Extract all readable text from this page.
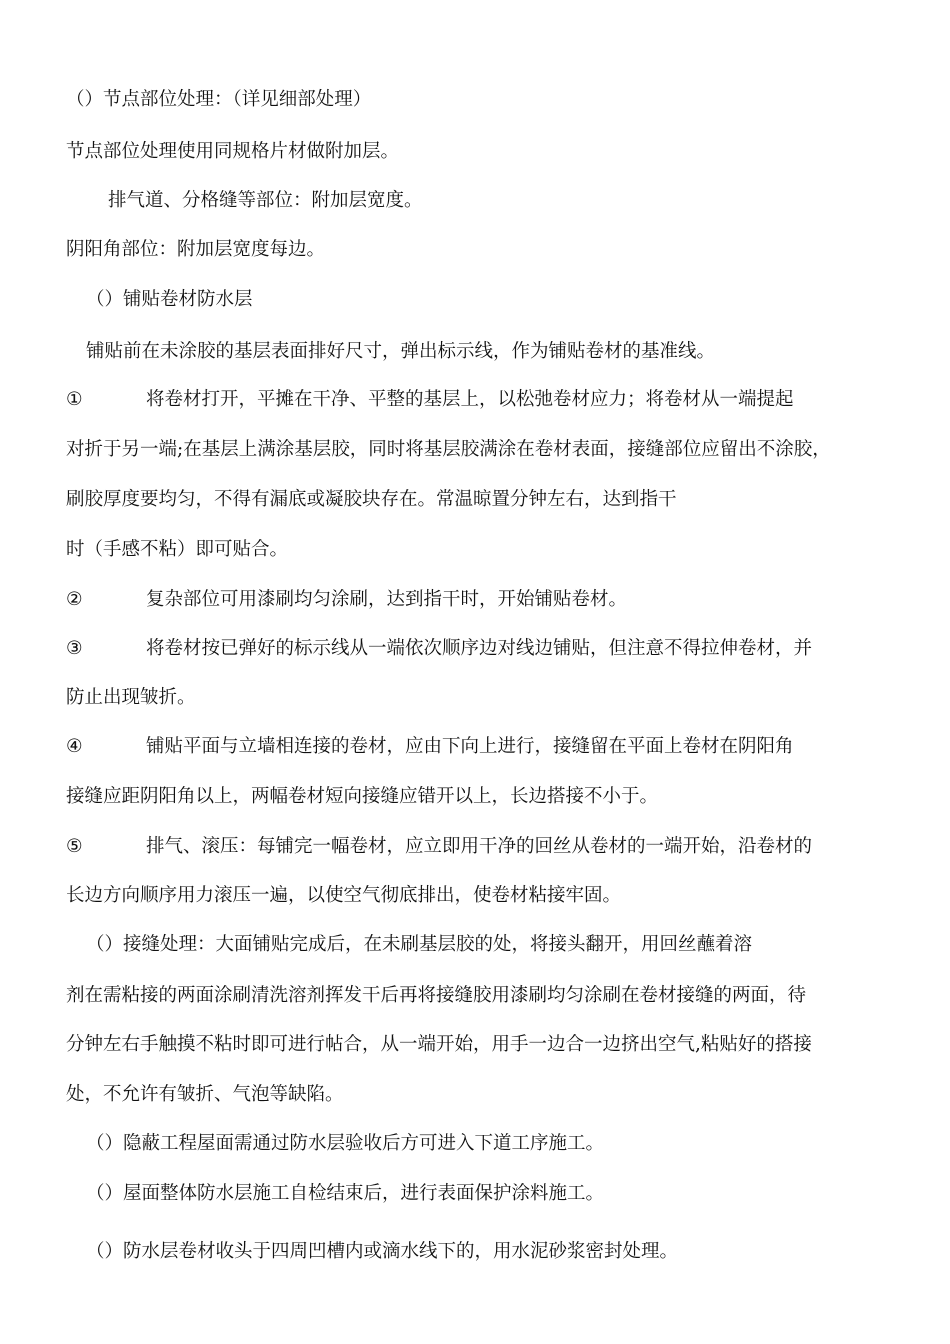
（）节点部位处理：（详见细部处理）
节点部位处理使用同规格片材做附加层。
排气道、分格缝等部位：附加层宽度。
阴阳角部位：附加层宽度每边。
（）铺贴卷材防水层
铺贴前在未涂胶的基层表面排好尺寸，弹出标示线，作为铺贴卷材的基准线。
①	将卷材打开，平摊在干净、平整的基层上，以松弛卷材应力；将卷材从一端提起
对折于另一端;在基层上满涂基层胶，同时将基层胶满涂在卷材表面，接缝部位应留出不涂胶，
刷胶厚度要均匀，不得有漏底或凝胶块存在。常温晾置分钟左右，达到指干
时（手感不粘）即可贴合。
②	复杂部位可用漆刷均匀涂刷，达到指干时，开始铺贴卷材。
③	将卷材按已弹好的标示线从一端依次顺序边对线边铺贴，但注意不得拉伸卷材，并
防止出现皱折。
④	铺贴平面与立墙相连接的卷材，应由下向上进行，接缝留在平面上卷材在阴阳角
接缝应距阴阳角以上，两幅卷材短向接缝应错开以上，长边搭接不小于。
⑤	排气、滚压：每铺完一幅卷材，应立即用干净的回丝从卷材的一端开始，沿卷材的
长边方向顺序用力滚压一遍，以使空气彻底排出，使卷材粘接牢固。
（）接缝处理：大面铺贴完成后，在未刷基层胶的处，将接头翻开，用回丝蘸着溶
剂在需粘接的两面涂刷清洗溶剂挥发干后再将接缝胶用漆刷均匀涂刷在卷材接缝的两面，待
分钟左右手触摸不粘时即可进行帖合，从一端开始，用手一边合一边挤出空气,粘贴好的搭接
处，不允许有皱折、气泡等缺陷。
（）隐蔽工程屋面需通过防水层验收后方可进入下道工序施工。
（）屋面整体防水层施工自检结束后，进行表面保护涂料施工。
（）防水层卷材收头于四周凹槽内或滴水线下的，用水泥砂浆密封处理。
